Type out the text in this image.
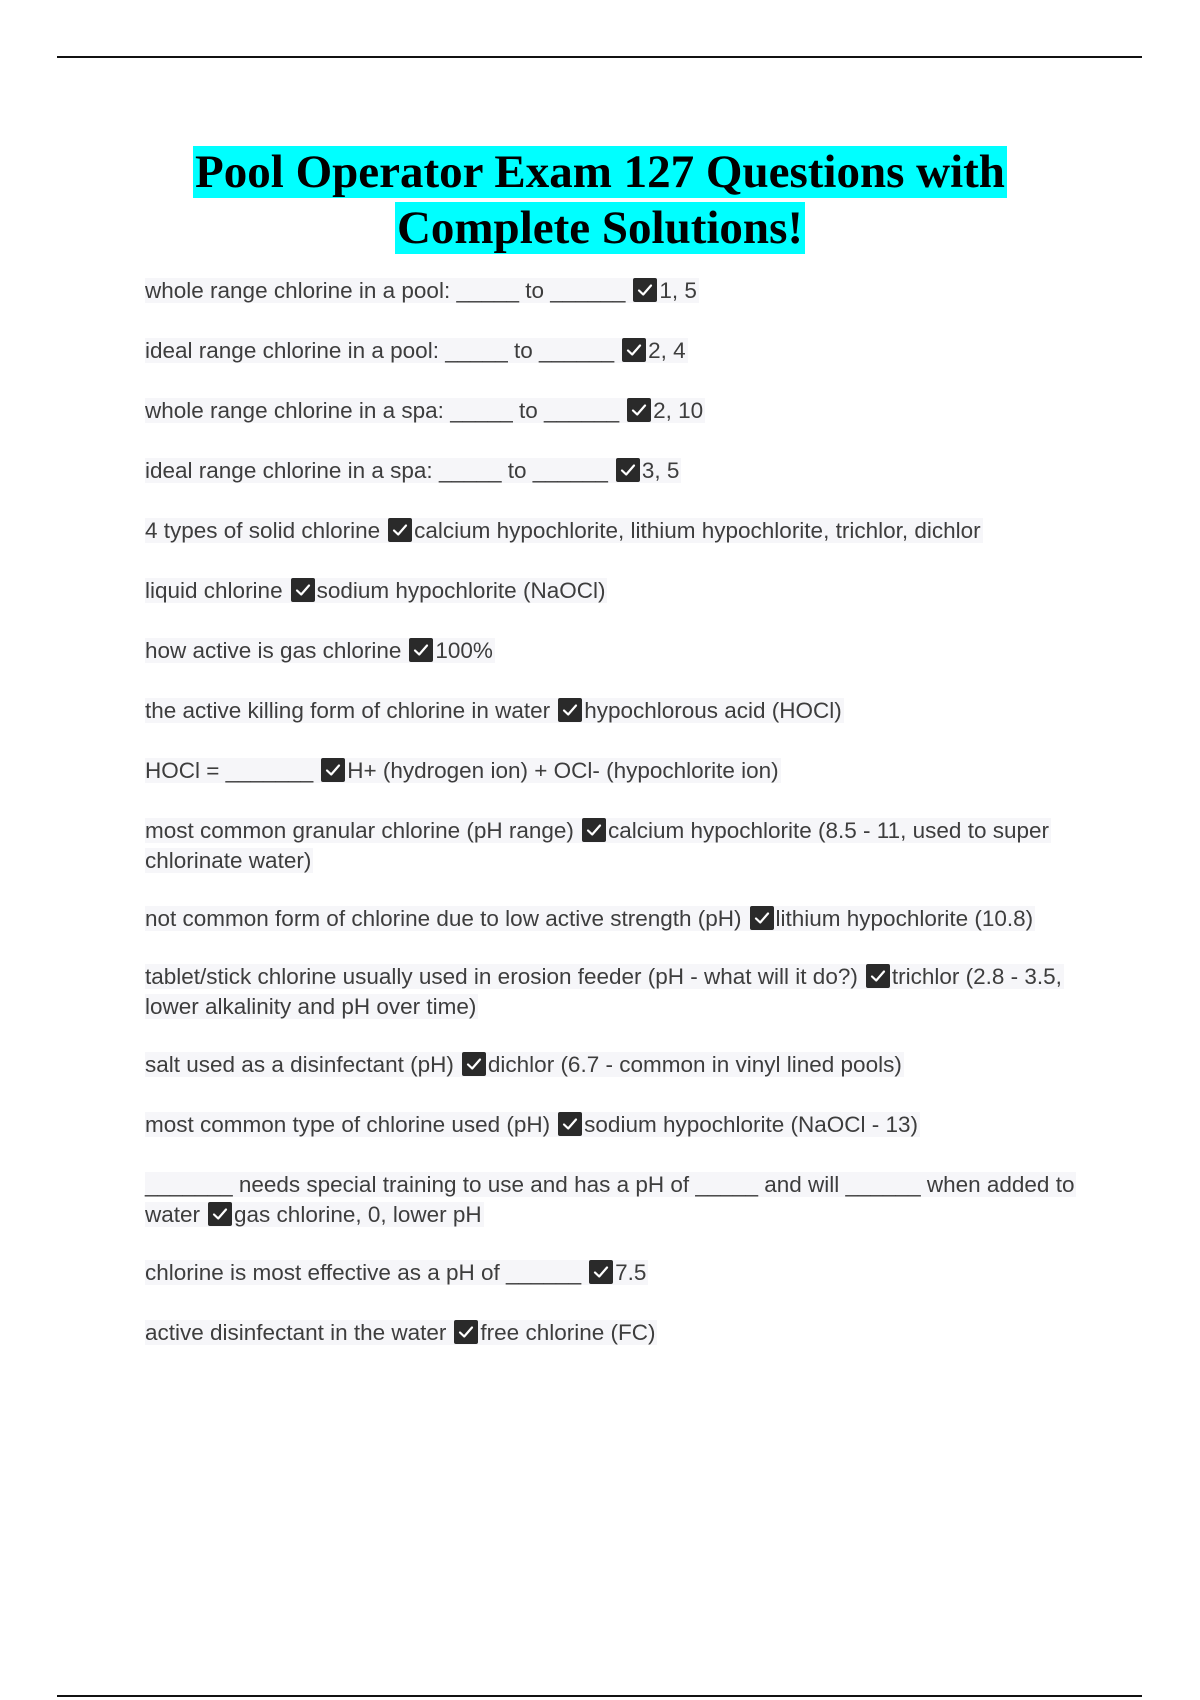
Pool Operator Exam 127 Questions with
Complete Solutions!
whole range chlorine in a pool: _____ to ______ 1, 5
ideal range chlorine in a pool: _____ to ______ 2, 4
whole range chlorine in a spa: _____ to ______ 2, 10
ideal range chlorine in a spa: _____ to ______ 3, 5
4 types of solid chlorine calcium hypochlorite, lithium hypochlorite, trichlor, dichlor
liquid chlorine sodium hypochlorite (NaOCl)
how active is gas chlorine 100%
the active killing form of chlorine in water hypochlorous acid (HOCl)
HOCl = _______ H+ (hydrogen ion) + OCl- (hypochlorite ion)
most common granular chlorine (pH range) calcium hypochlorite (8.5 - 11, used to super chlorinate water)
not common form of chlorine due to low active strength (pH) lithium hypochlorite (10.8)
tablet/stick chlorine usually used in erosion feeder (pH - what will it do?) trichlor (2.8 - 3.5, lower alkalinity and pH over time)
salt used as a disinfectant (pH) dichlor (6.7 - common in vinyl lined pools)
most common type of chlorine used (pH) sodium hypochlorite (NaOCl - 13)
_______ needs special training to use and has a pH of _____ and will ______ when added to water gas chlorine, 0, lower pH
chlorine is most effective as a pH of ______ 7.5
active disinfectant in the water free chlorine (FC)
